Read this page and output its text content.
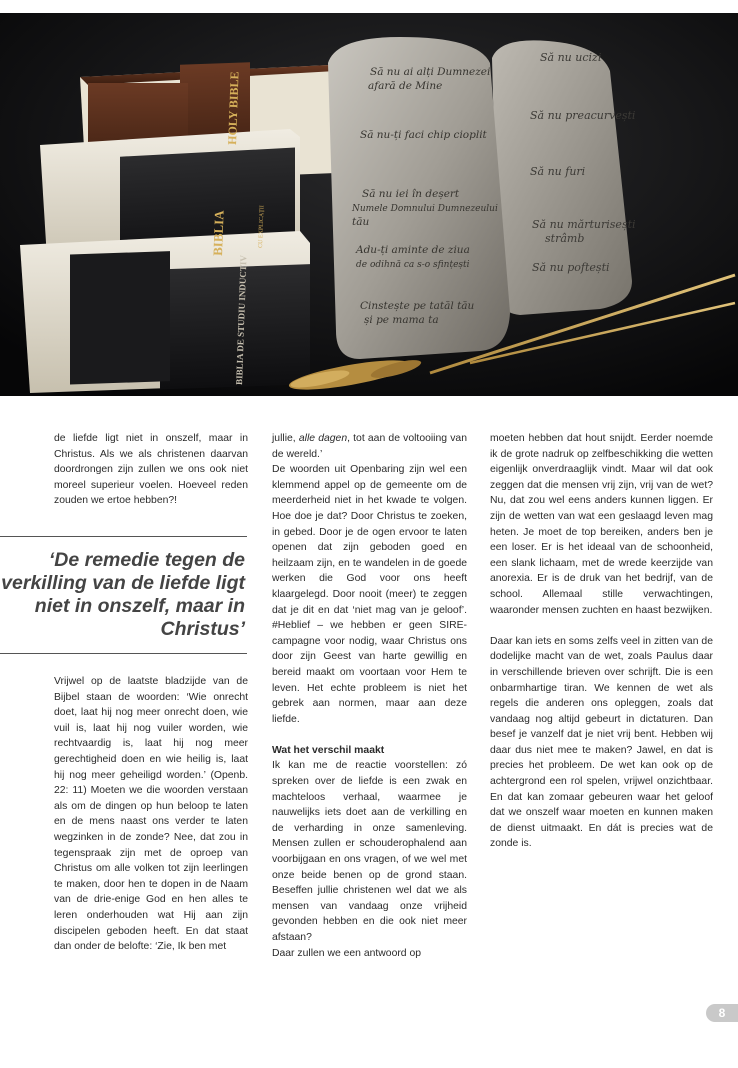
HOLY BIBLE
BIBLIA	CU EXPLICAȚII
BIBLIA DE STUDIU INDUCTIV
Să nu ucizi
Să nu preacurvești
Să nu furi
Să nu mărturisești
strâmb
Să nu poftești
Să nu ai alți Dumnezei
afară de Mine
Să nu-ți faci chip cioplit
Să nu iei în deșert
Numele Domnului Dumnezeului
tău
Adu-ți aminte de ziua
de odihnă ca s-o sfințești
Cinstește pe tatăl tău
și pe mama ta

de liefde ligt niet in onszelf, maar in Christus. Als we als christenen daarvan doordrongen zijn zullen we ons ook niet moreel superieur voelen. Hoeveel reden zouden we ertoe hebben?!

‘De remedie tegen de verkilling van de liefde ligt niet in onszelf, maar in Christus’

Vrijwel op de laatste bladzijde van de Bijbel staan de woorden: ‘Wie onrecht doet, laat hij nog meer onrecht doen, wie vuil is, laat hij nog vuiler worden, wie rechtvaardig is, laat hij nog meer gerechtigheid doen en wie heilig is, laat hij nog meer geheiligd worden.’ (Openb. 22: 11) Moeten we die woorden verstaan als om de dingen op hun beloop te laten en de mens naast ons verder te laten wegzinken in de zonde? Nee, dat zou in tegenspraak zijn met de oproep van Christus om alle volken tot zijn leerlingen te maken, door hen te dopen in de Naam van de drie-enige God en hen alles te leren onderhouden wat Hij aan zijn discipelen geboden heeft. En dat staat dan onder de belofte: ‘Zie, Ik ben met

jullie, alle dagen, tot aan de voltooiing van de wereld.’

De woorden uit Openbaring zijn wel een klemmend appel op de gemeente om de meerderheid niet in het kwade te volgen. Hoe doe je dat? Door Christus te zoeken, in gebed. Door je de ogen ervoor te laten openen dat zijn geboden goed en heilzaam zijn, en te wandelen in de goede werken die God voor ons heeft klaargelegd. Door nooit (meer) te zeggen dat je dit en dat ‘niet mag van je geloof’. #Heblief – we hebben er geen SIRE-campagne voor nodig, waar Christus ons door zijn Geest van harte gewillig en bereid maakt om voortaan voor Hem te leven. Het echte probleem is niet het gebrek aan normen, maar aan deze liefde.

Wat het verschil maakt

Ik kan me de reactie voorstellen: zó spreken over de liefde is een zwak en machteloos verhaal, waarmee je nauwelijks iets doet aan de verkilling en de verharding in onze samenleving. Mensen zullen er schouderophalend aan voorbijgaan en ons vragen, of we wel met onze beide benen op de grond staan. Beseffen jullie christenen wel dat we als mensen van vandaag onze vrijheid gevonden hebben en die ook niet meer afstaan?

Daar zullen we een antwoord op

moeten hebben dat hout snijdt. Eerder noemde ik de grote nadruk op zelfbeschikking die wetten eigenlijk onverdraaglijk vindt. Maar wil dat ook zeggen dat die mensen vrij zijn, vrij van de wet? Nu, dat zou wel eens anders kunnen liggen. Er zijn de wetten van wat een geslaagd leven mag heten. Je moet de top bereiken, anders ben je een loser. Er is het ideaal van de schoonheid, een slank lichaam, met de wrede keerzijde van anorexia. Er is de druk van het bedrijf, van de school. Allemaal stille verwachtingen, waaronder mensen zuchten en haast bezwijken.

Daar kan iets en soms zelfs veel in zitten van de dodelijke macht van de wet, zoals Paulus daar in verschillende brieven over schrijft. Die is een onbarmhartige tiran. We kennen de wet als regels die anderen ons opleggen, zoals dat vandaag nog altijd gebeurt in dictaturen. Dan besef je vanzelf dat je niet vrij bent. Hebben wij daar dus niet mee te maken? Jawel, en dat is precies het probleem. De wet kan ook op de achtergrond een rol spelen, vrijwel onzichtbaar. En dat kan zomaar gebeuren waar het geloof dat we onszelf waar moeten en kunnen maken de dienst uitmaakt. En dát is precies wat de zonde is.

8
